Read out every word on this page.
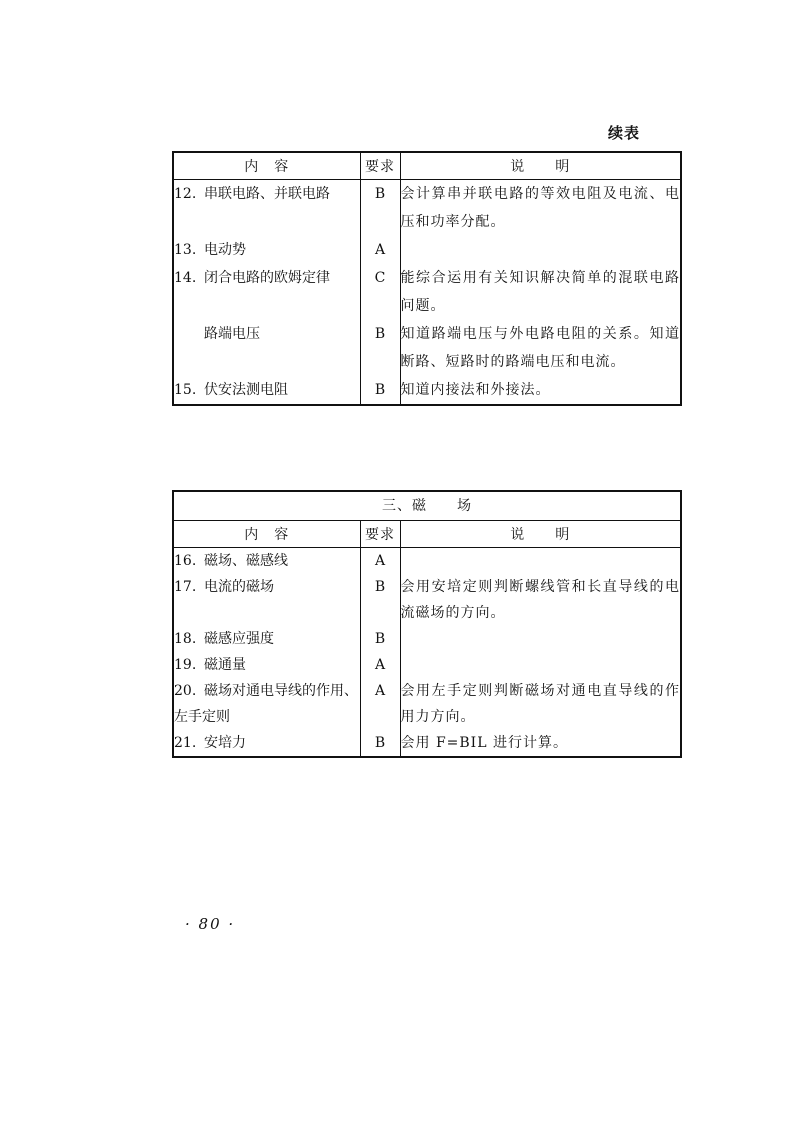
续表
内　容	要求	说　　明
12. 串联电路、并联电路	B	会计算串并联电路的等效电阻及电流、电压和功率分配。
13. 电动势	A	
14. 闭合电路的欧姆定律	C	能综合运用有关知识解决简单的混联电路问题。
路端电压	B	知道路端电压与外电路电阻的关系。知道断路、短路时的路端电压和电流。
15. 伏安法测电阻	B	知道内接法和外接法。
三、磁　　场		
内　容	要求	说　　明
16. 磁场、磁感线	A	
17. 电流的磁场	B	会用安培定则判断螺线管和长直导线的电流磁场的方向。
18. 磁感应强度	B	
19. 磁通量	A	
20. 磁场对通电导线的作用、左手定则	A	会用左手定则判断磁场对通电直导线的作用力方向。
21. 安培力	B	会用 F=BIL 进行计算。
· 80 ·
